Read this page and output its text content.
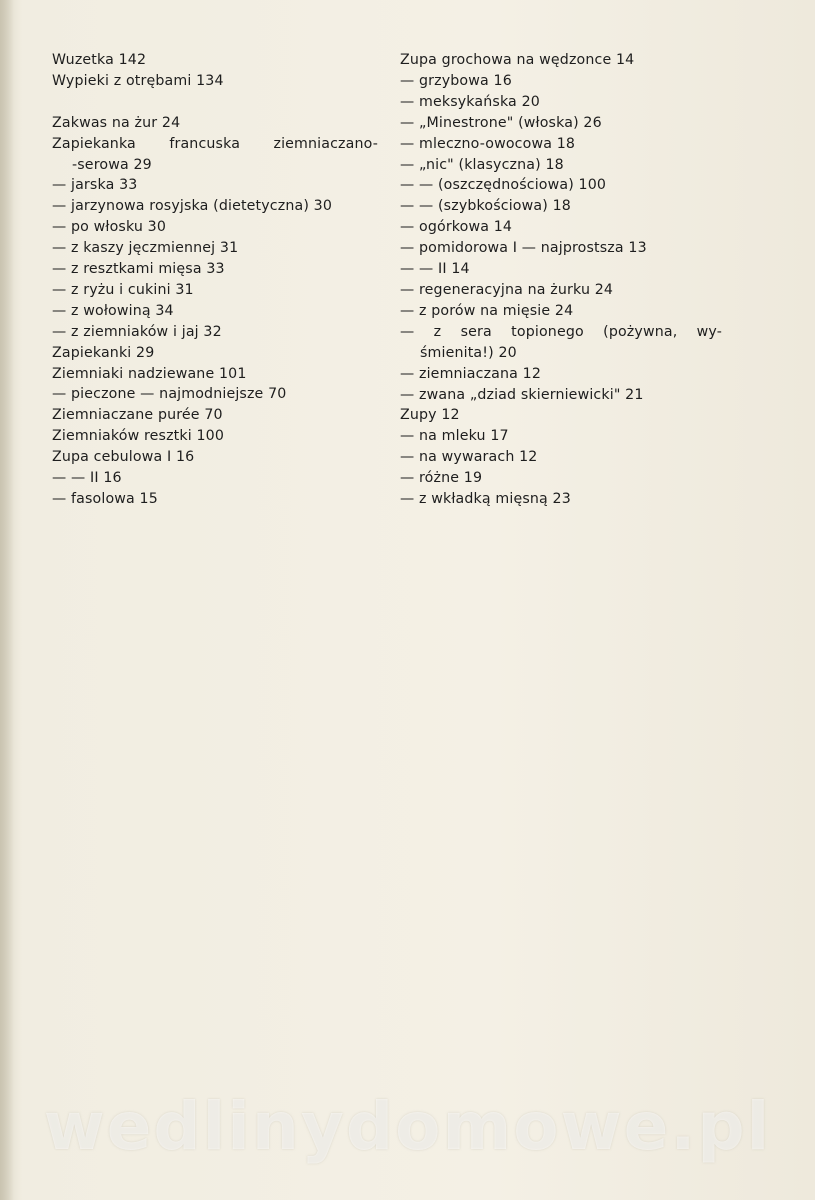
Wuzetka 142
Wypieki z otrębami 134
Zakwas na żur 24
Zapiekanka francuska ziemniaczano-
-serowa 29
— jarska 33
— jarzynowa rosyjska (dietetyczna) 30
— po włosku 30
— z kaszy jęczmiennej 31
— z resztkami mięsa 33
— z ryżu i cukini 31
— z wołowiną 34
— z ziemniaków i jaj 32
Zapiekanki 29
Ziemniaki nadziewane 101
— pieczone — najmodniejsze 70
Ziemniaczane purée 70
Ziemniaków resztki 100
Zupa cebulowa I 16
— — II 16
— fasolowa 15
Zupa grochowa na wędzonce 14
— grzybowa 16
— meksykańska 20
— „Minestrone" (włoska) 26
— mleczno-owocowa 18
— „nic" (klasyczna) 18
— — (oszczędnościowa) 100
— — (szybkościowa) 18
— ogórkowa 14
— pomidorowa I — najprostsza 13
— — II 14
— regeneracyjna na żurku 24
— z porów na mięsie 24
— z sera topionego (pożywna, wy-
śmienita!) 20
— ziemniaczana 12
— zwana „dziad skierniewicki" 21
Zupy 12
— na mleku 17
— na wywarach 12
— różne 19
— z wkładką mięsną 23
wedlinydomowe.pl
